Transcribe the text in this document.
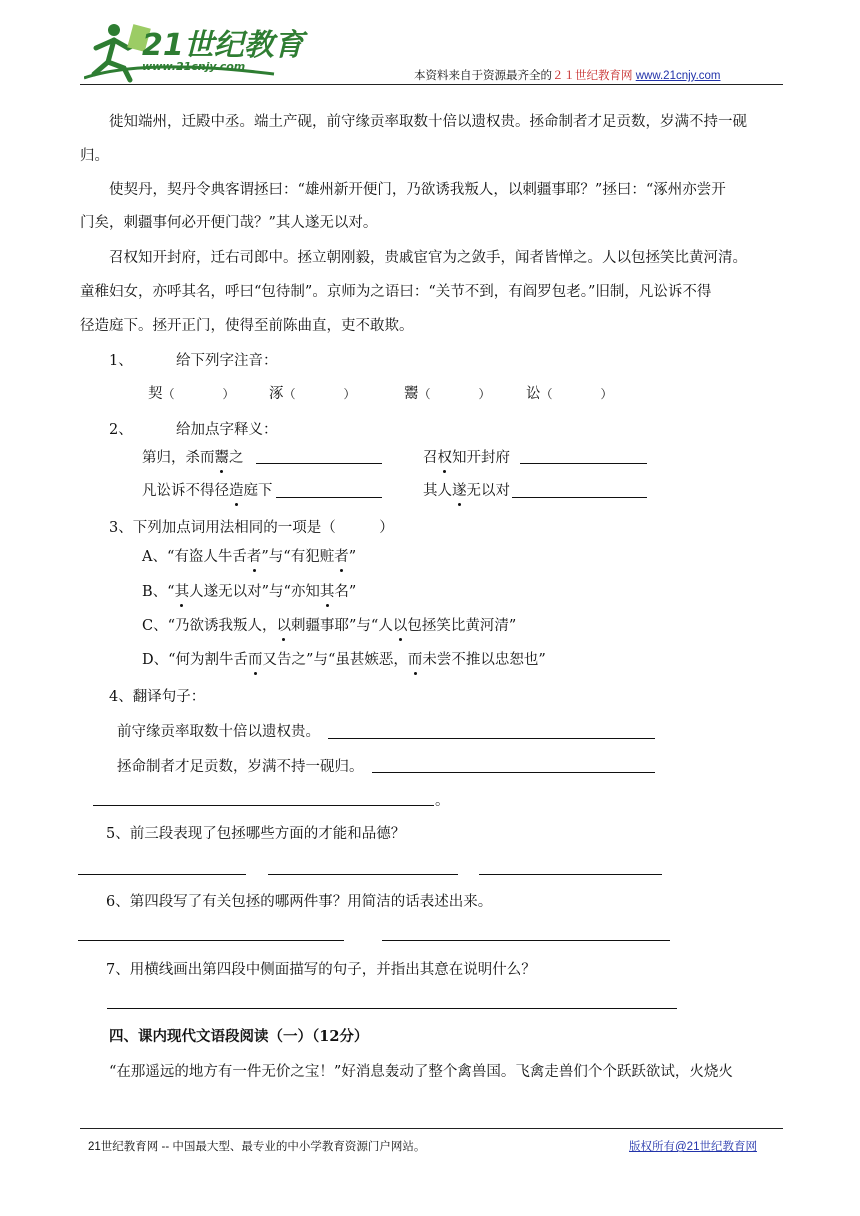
21世纪教育
www.21cnjy.com
本资料来自于资源最齐全的２１世纪教育网 www.21cnjy.com
徙知端州，迁殿中丞。端土产砚，前守缘贡率取数十倍以遗权贵。拯命制者才足贡数，岁满不持一砚
归。
使契丹，契丹令典客谓拯曰：“雄州新开便门，乃欲诱我叛人，以刺疆事耶？”拯曰：“涿州亦尝开
门矣，刺疆事何必开便门哉？”其人遂无以对。
召权知开封府，迁右司郎中。拯立朝刚毅，贵戚宦官为之敛手，闻者皆惮之。人以包拯笑比黄河清。
童稚妇女，亦呼其名，呼曰“包待制”。京师为之语曰：“关节不到，有阎罗包老。”旧制，凡讼诉不得
径造庭下。拯开正门，使得至前陈曲直，吏不敢欺。
1、	给下列字注音：
契（　　　　） 涿（　　　　）	鬻（　　　　） 讼（　　　　）
2、	给加点字释义：
第归，杀而鬻之	召权知开封府
凡讼诉不得径造庭下	其人遂无以对
3、下列加点词用法相同的一项是（　　　）
A、“有盗人牛舌者”与“有犯赃者”
B、“其人遂无以对”与“亦知其名”
C、“乃欲诱我叛人，以刺疆事耶”与“人以包拯笑比黄河清”
D、“何为割牛舌而又告之”与“虽甚嫉恶，而未尝不推以忠恕也”
4、翻译句子：
前守缘贡率取数十倍以遗权贵。
拯命制者才足贡数，岁满不持一砚归。
。
5、前三段表现了包拯哪些方面的才能和品德？
6、第四段写了有关包拯的哪两件事？用简洁的话表述出来。
7、用横线画出第四段中侧面描写的句子，并指出其意在说明什么？
四、课内现代文语段阅读（一）（12分）
“在那遥远的地方有一件无价之宝！”好消息轰动了整个禽兽国。飞禽走兽们个个跃跃欲试，火烧火
21世纪教育网 -- 中国最大型、最专业的中小学教育资源门户网站。	版权所有@21世纪教育网
